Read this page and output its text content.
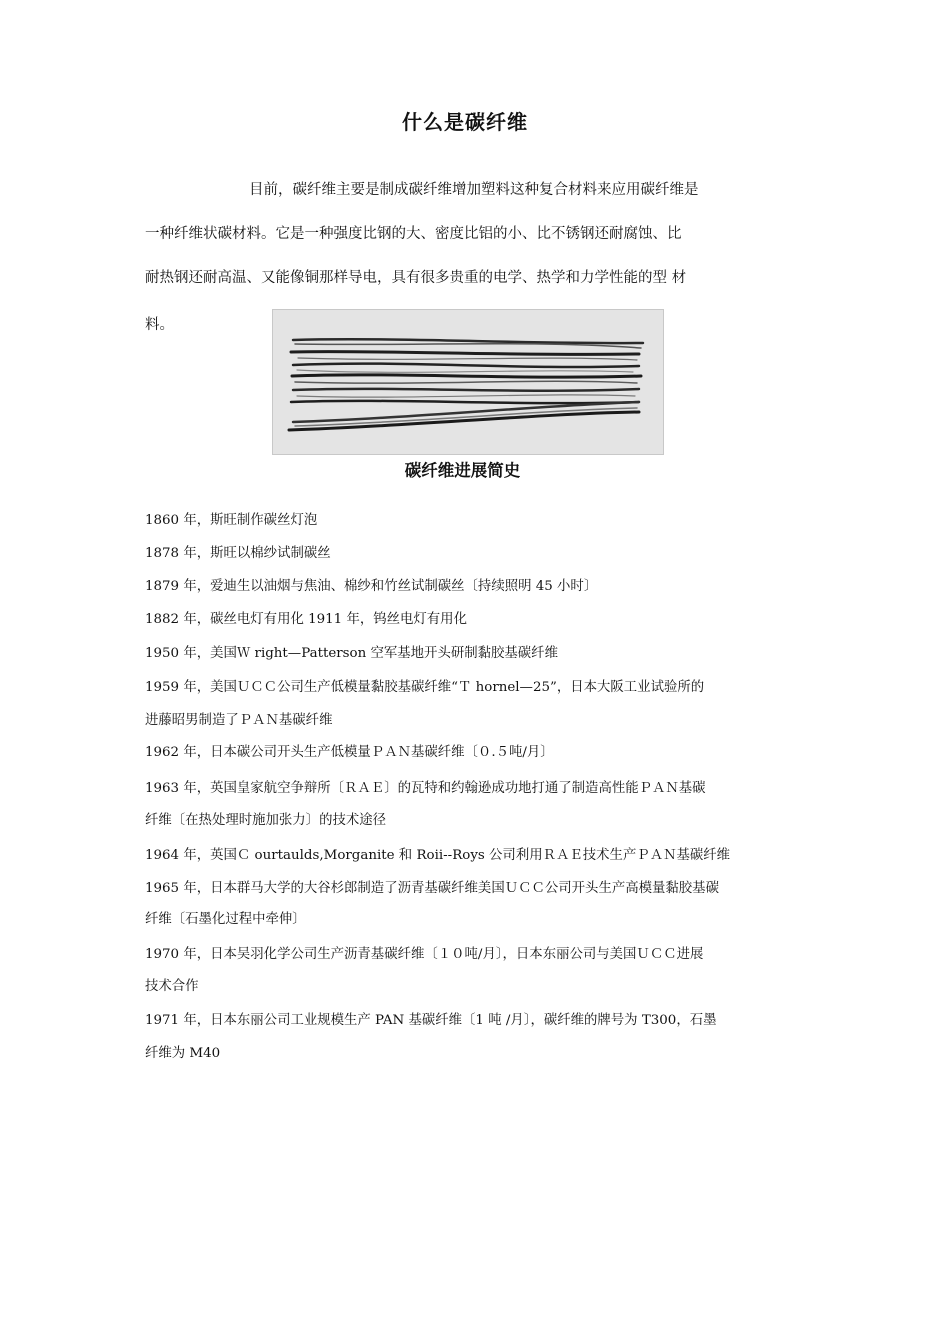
什么是碳纤维
目前，碳纤维主要是制成碳纤维增加塑料这种复合材料来应用碳纤维是
一种纤维状碳材料。它是一种强度比钢的大、密度比铝的小、比不锈钢还耐腐蚀、比
耐热钢还耐高温、又能像铜那样导电，具有很多贵重的电学、热学和力学性能的型 材
料。
碳纤维进展简史
1860 年，斯旺制作碳丝灯泡
1878 年，斯旺以棉纱试制碳丝
1879 年，爱迪生以油烟与焦油、棉纱和竹丝试制碳丝〔持续照明 45 小时〕
1882 年，碳丝电灯有用化 1911 年，钨丝电灯有用化
1950 年，美国Ｗ right—Patterson 空军基地开头研制黏胶基碳纤维
1959 年，美国ＵＣＣ公司生产低模量黏胶基碳纤维“Ｔ hornel—25”，日本大阪工业试验所的
进藤昭男制造了ＰＡＮ基碳纤维
1962 年，日本碳公司开头生产低模量ＰＡＮ基碳纤维〔０.５吨/月〕
1963 年，英国皇家航空争辩所〔ＲＡＥ〕的瓦特和约翰逊成功地打通了制造高性能ＰＡＮ基碳
纤维〔在热处理时施加张力〕的技术途径
1964 年，英国Ｃ ourtaulds,Morganite 和 Roii--Roys 公司利用ＲＡＥ技术生产ＰＡＮ基碳纤维
1965 年，日本群马大学的大谷杉郎制造了沥青基碳纤维美国ＵＣＣ公司开头生产高模量黏胶基碳
纤维〔石墨化过程中牵伸〕
1970 年，日本吴羽化学公司生产沥青基碳纤维〔１０吨/月〕，日本东丽公司与美国ＵＣＣ进展
技术合作
1971 年，日本东丽公司工业规模生产 PAN 基碳纤维〔1 吨 /月〕，碳纤维的牌号为 T300，石墨
纤维为 M40
